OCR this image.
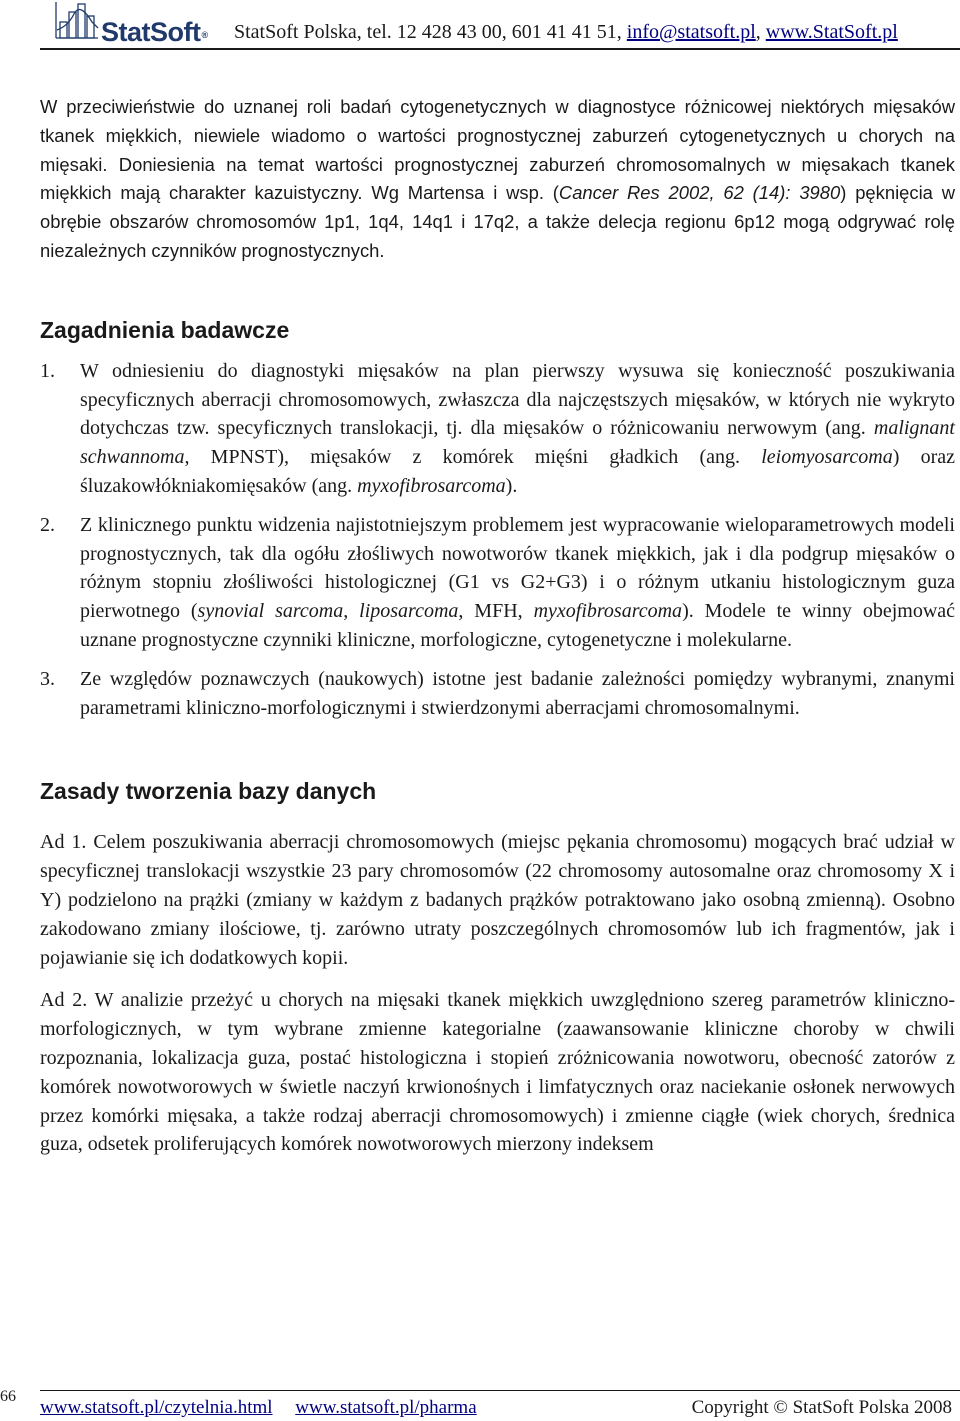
StatSoft® StatSoft Polska, tel. 12 428 43 00, 601 41 41 51, info@statsoft.pl, www.StatSoft.pl

W przeciwieństwie do uznanej roli badań cytogenetycznych w diagnostyce różnicowej niektórych mięsaków tkanek miękkich, niewiele wiadomo o wartości prognostycznej zaburzeń cytogenetycznych u chorych na mięsaki. Doniesienia na temat wartości prognostycznej zaburzeń chromosomalnych w mięsakach tkanek miękkich mają charakter kazuistyczny. Wg Martensa i wsp. (Cancer Res 2002, 62 (14): 3980) pęknięcia w obrębie obszarów chromosomów 1p1, 1q4, 14q1 i 17q2, a także delecja regionu 6p12 mogą odgrywać rolę niezależnych czynników prognostycznych.

Zagadnienia badawcze
1. W odniesieniu do diagnostyki mięsaków na plan pierwszy wysuwa się konieczność poszukiwania specyficznych aberracji chromosomowych, zwłaszcza dla najczęstszych mięsaków, w których nie wykryto dotychczas tzw. specyficznych translokacji, tj. dla mięsaków o różnicowaniu nerwowym (ang. malignant schwannoma, MPNST), mięsaków z komórek mięśni gładkich (ang. leiomyosarcoma) oraz śluzakowłókniakomięsaków (ang. myxofibrosarcoma).
2. Z klinicznego punktu widzenia najistotniejszym problemem jest wypracowanie wieloparametrowych modeli prognostycznych, tak dla ogółu złośliwych nowotworów tkanek miękkich, jak i dla podgrup mięsaków o różnym stopniu złośliwości histologicznej (G1 vs G2+G3) i o różnym utkaniu histologicznym guza pierwotnego (synovial sarcoma, liposarcoma, MFH, myxofibrosarcoma). Modele te winny obejmować uznane prognostyczne czynniki kliniczne, morfologiczne, cytogenetyczne i molekularne.
3. Ze względów poznawczych (naukowych) istotne jest badanie zależności pomiędzy wybranymi, znanymi parametrami kliniczno-morfologicznymi i stwierdzonymi aberracjami chromosomalnymi.
Zasady tworzenia bazy danych

Ad 1. Celem poszukiwania aberracji chromosomowych (miejsc pękania chromosomu) mogących brać udział w specyficznej translokacji wszystkie 23 pary chromosomów (22 chromosomy autosomalne oraz chromosomy X i Y) podzielono na prążki (zmiany w każdym z badanych prążków potraktowano jako osobną zmienną). Osobno zakodowano zmiany ilościowe, tj. zarówno utraty poszczególnych chromosomów lub ich fragmentów, jak i pojawianie się ich dodatkowych kopii.

Ad 2. W analizie przeżyć u chorych na mięsaki tkanek miękkich uwzględniono szereg parametrów kliniczno-morfologicznych, w tym wybrane zmienne kategorialne (zaawansowanie kliniczne choroby w chwili rozpoznania, lokalizacja guza, postać histologiczna i stopień zróżnicowania nowotworu, obecność zatorów z komórek nowotworowych w świetle naczyń krwionośnych i limfatycznych oraz naciekanie osłonek nerwowych przez komórki mięsaka, a także rodzaj aberracji chromosomowych) i zmienne ciągłe (wiek chorych, średnica guza, odsetek proliferujących komórek nowotworowych mierzony indeksem

66
www.statsoft.pl/czytelnia.html www.statsoft.pl/pharma	Copyright © StatSoft Polska 2008
